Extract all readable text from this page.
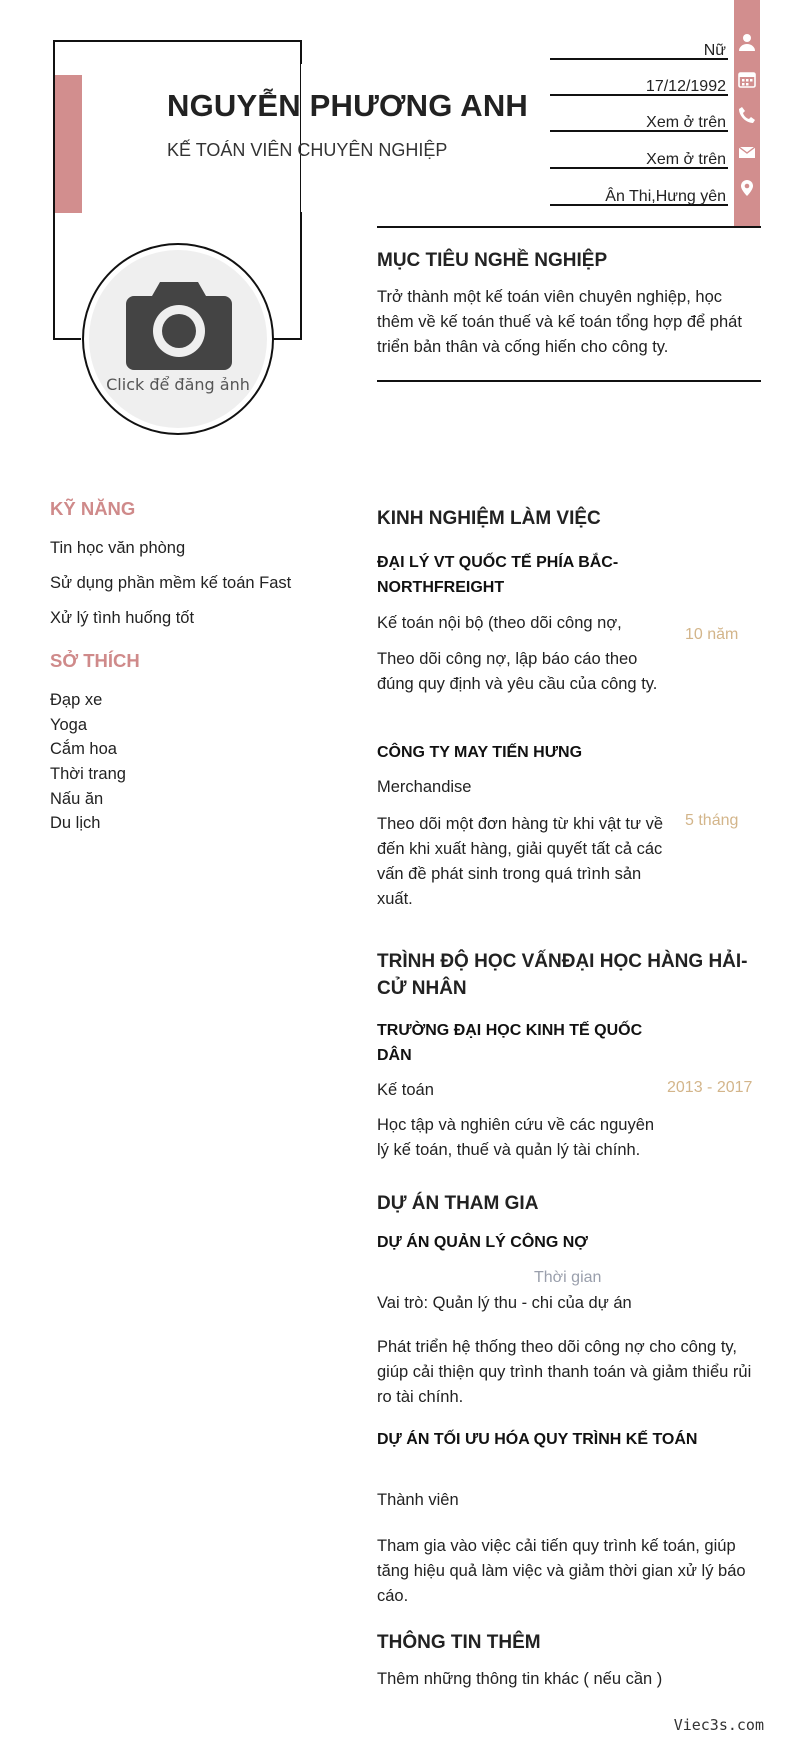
NGUYỄN PHƯƠNG ANH
KẾ TOÁN VIÊN CHUYÊN NGHIỆP
Click để đăng ảnh
Nữ
17/12/1992
Xem ở trên
Xem ở trên
Ân Thi,Hưng yên
MỤC TIÊU NGHỀ NGHIỆP
Trở thành một kế toán viên chuyên nghiệp, học thêm về kế toán thuế và kế toán tổng hợp để phát triển bản thân và cống hiến cho công ty.
KỸ NĂNG
Tin học văn phòng
Sử dụng phần mềm kế toán Fast
Xử lý tình huống tốt
SỞ THÍCH
Đạp xe
Yoga
Cắm hoa
Thời trang
Nấu ăn
Du lịch
KINH NGHIỆM LÀM VIỆC
ĐẠI LÝ VT QUỐC TẾ PHÍA BẮC-NORTHFREIGHT
Kế toán nội bộ (theo dõi công nợ,
10 năm
Theo dõi công nợ, lập báo cáo theo đúng quy định và yêu cầu của công ty.
CÔNG TY MAY TIẾN HƯNG
Merchandise
5 tháng
Theo dõi một đơn hàng từ khi vật tư về đến khi xuất hàng, giải quyết tất cả các vấn đề phát sinh trong quá trình sản xuất.
TRÌNH ĐỘ HỌC VẤNĐẠI HỌC HÀNG HẢI-CỬ NHÂN
TRƯỜNG ĐẠI HỌC KINH TẾ QUỐC DÂN
Kế toán	2013 - 2017
Học tập và nghiên cứu về các nguyên lý kế toán, thuế và quản lý tài chính.
DỰ ÁN THAM GIA
DỰ ÁN QUẢN LÝ CÔNG NỢ
Thời gian
Vai trò: Quản lý thu - chi của dự án
Phát triển hệ thống theo dõi công nợ cho công ty, giúp cải thiện quy trình thanh toán và giảm thiểu rủi ro tài chính.
DỰ ÁN TỐI ƯU HÓA QUY TRÌNH KẾ TOÁN
Thành viên
Tham gia vào việc cải tiến quy trình kế toán, giúp tăng hiệu quả làm việc và giảm thời gian xử lý báo cáo.
THÔNG TIN THÊM
Thêm những thông tin khác ( nếu cần )
Viec3s.com
